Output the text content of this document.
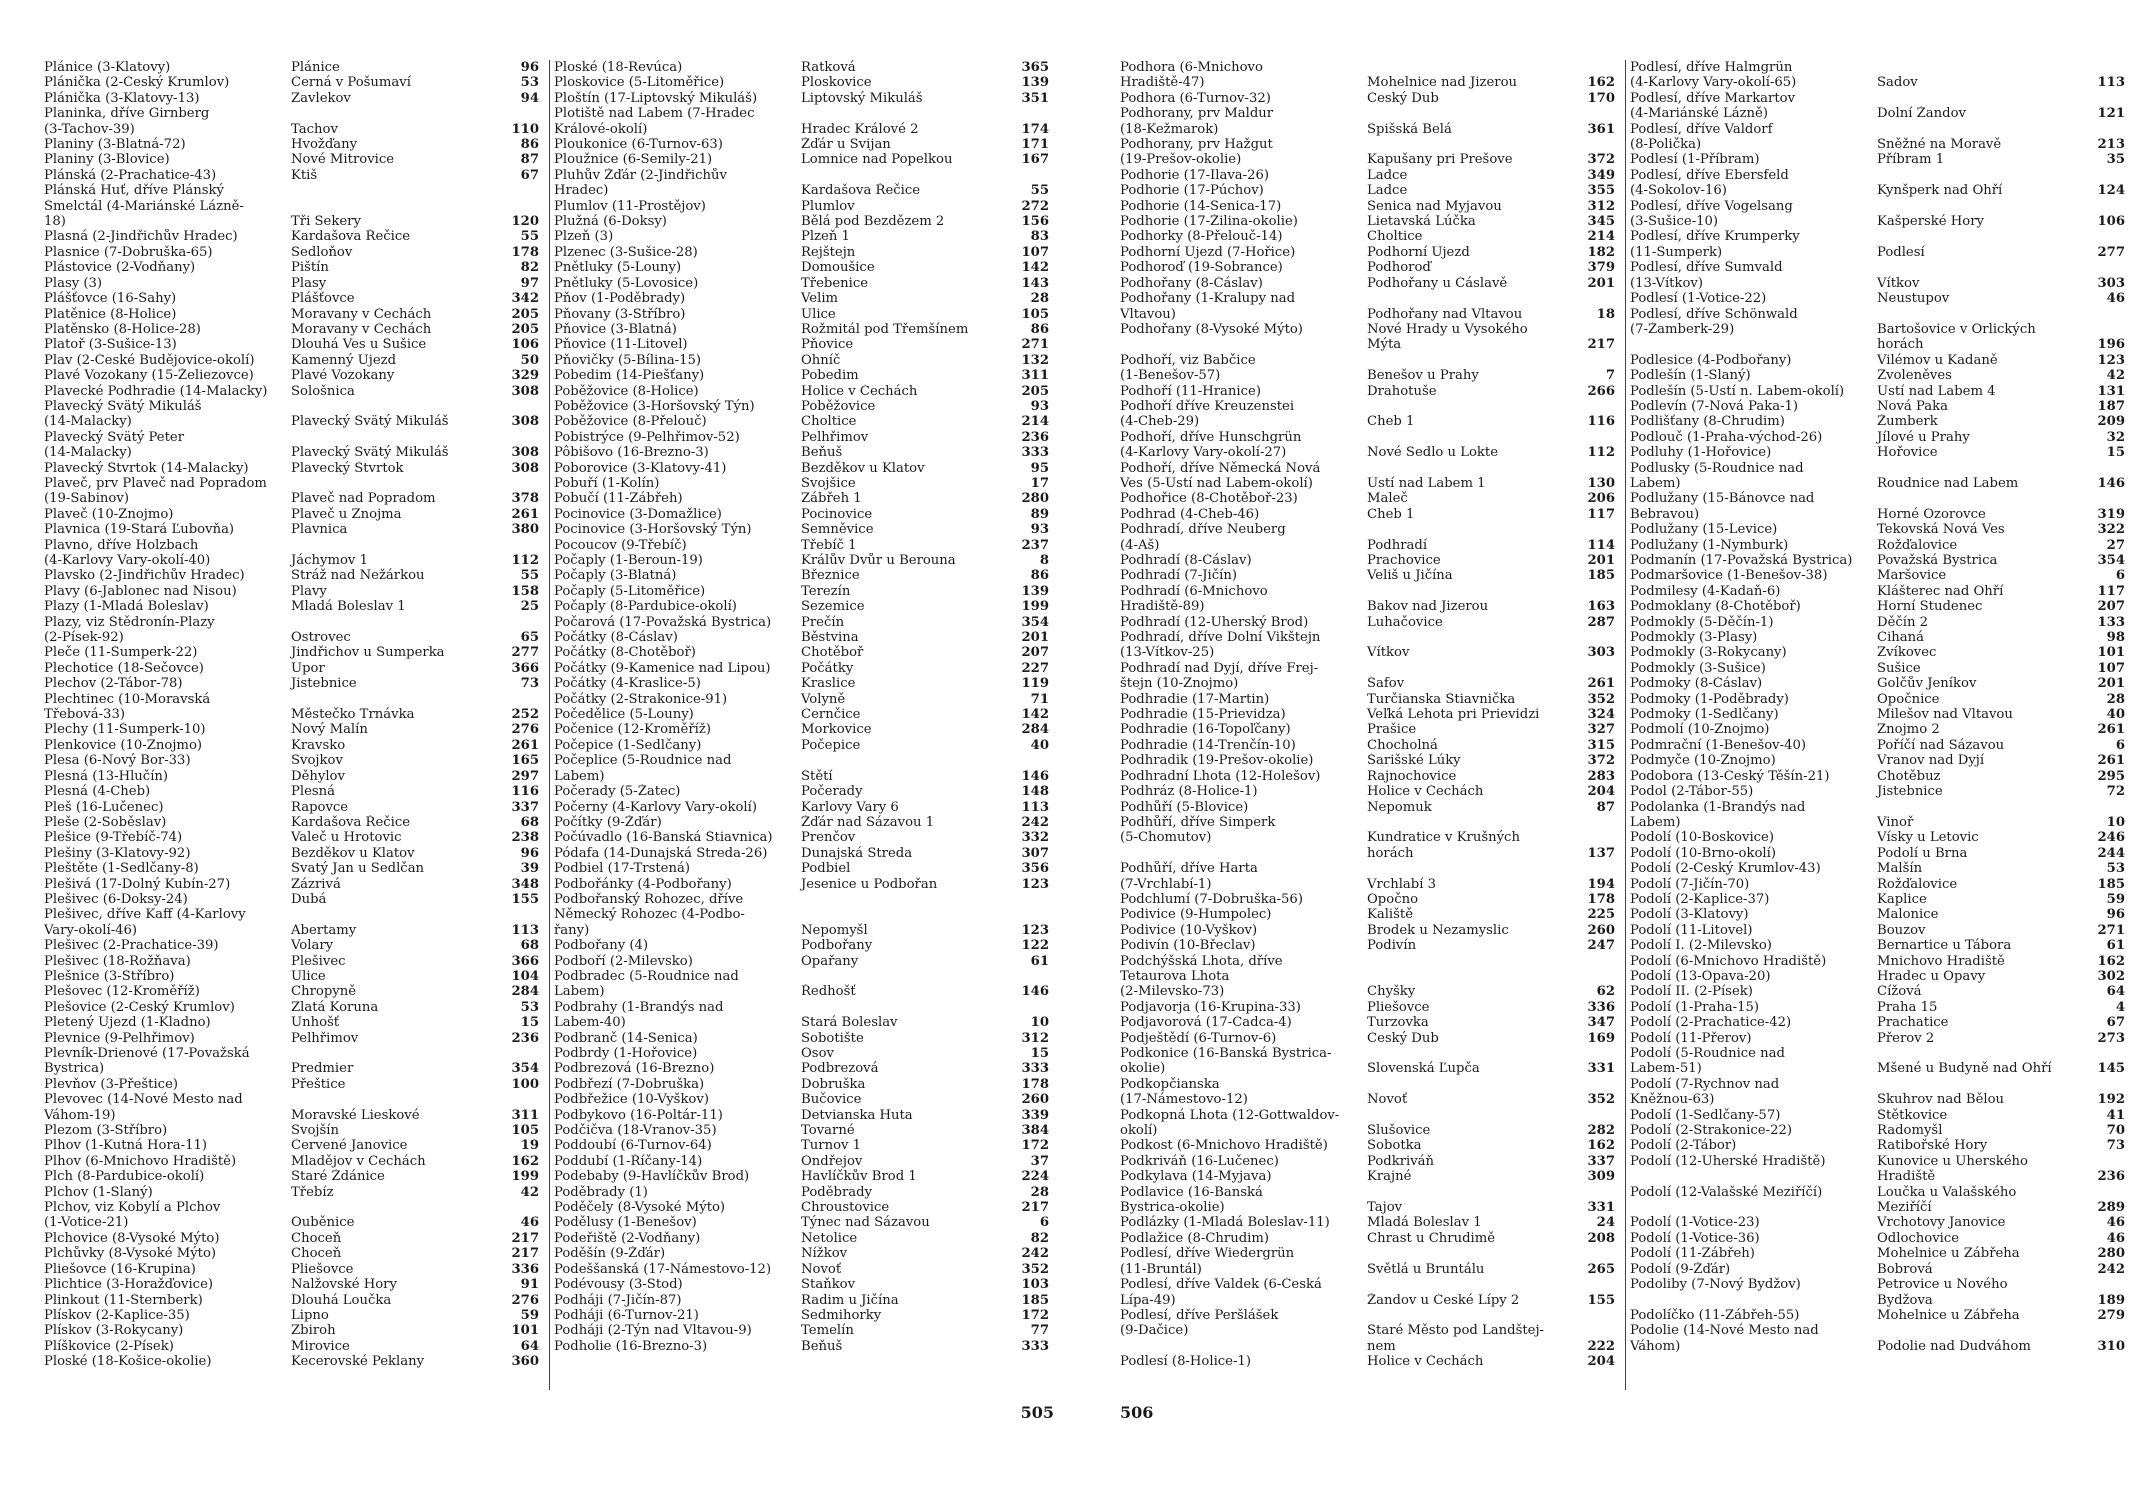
Plánice (3-Klatovy)	Plánice	96
Plánička (2-Český Krumlov)	Černá v Pošumaví	53
Plánička (3-Klatovy-13)	Zavlekov	94
Planinka, dříve Girnberg
(3-Tachov-39)	Tachov	110
Planiny (3-Blatná-72)	Hvožďany	86
Planiny (3-Blovice)	Nové Mitrovice	87
Plánská (2-Prachatice-43)	Ktiš	67
Plánská Huť, dříve Plánský
Šmelctál (4-Mariánské Lázně-
18)	Tři Sekery	120
Plasná (2-Jindřichův Hradec)	Kardašova Řečice	55
Plasnice (7-Dobruška-65)	Sedloňov	178
Plástovice (2-Vodňany)	Pištín	82
Plasy (3)	Plasy	97
Plášťovce (16-Šahy)	Plášťovce	342
Platěnice (8-Holice)	Moravany v Čechách	205
Platěnsko (8-Holice-28)	Moravany v Čechách	205
Platoř (3-Sušice-13)	Dlouhá Ves u Sušice	106
Plav (2-České Budějovice-okolí)	Kamenný Újezd	50
Plavé Vozokany (15-Želiezovce)	Plavé Vozokany	329
Plavecké Podhradie (14-Malacky)	Sološnica	308
Plavecký Svätý Mikuláš
(14-Malacky)	Plavecký Svätý Mikuláš	308
Plavecký Svätý Peter
(14-Malacky)	Plavecký Svätý Mikuláš	308
Plavecký Štvrtok (14-Malacky)	Plavecký Štvrtok	308
Plaveč, prv Plaveč nad Popradom
(19-Sabinov)	Plaveč nad Popradom	378
Plaveč (10-Znojmo)	Plaveč u Znojma	261
Plavnica (19-Stará Ľubovňa)	Plavnica	380
Plavno, dříve Holzbach
(4-Karlovy Vary-okolí-40)	Jáchymov 1	112
Plavsko (2-Jindřichův Hradec)	Stráž nad Nežárkou	55
Plavy (6-Jablonec nad Nisou)	Plavy	158
Plazy (1-Mladá Boleslav)	Mladá Boleslav 1	25
Plazy, viz Štědronín-Plazy
(2-Písek-92)	Ostrovec	65
Pleče (11-Šumperk-22)	Jindřichov u Šumperka	277
Plechotice (18-Sečovce)	Úpor	366
Plechov (2-Tábor-78)	Jistebnice	73
Plechtinec (10-Moravská
Třebová-33)	Městečko Trnávka	252
Plechy (11-Šumperk-10)	Nový Malín	276
Plenkovice (10-Znojmo)	Kravsko	261
Plesa (6-Nový Bor-33)	Svojkov	165
Plesná (13-Hlučín)	Děhylov	297
Plesná (4-Cheb)	Plesná	116
Pleš (16-Lučenec)	Rapovce	337
Pleše (2-Soběslav)	Kardašova Řečice	68
Plešice (9-Třebíč-74)	Valeč u Hrotovic	238
Plešiny (3-Klatovy-92)	Bezděkov u Klatov	96
Pleštěte (1-Sedlčany-8)	Svatý Jan u Sedlčan	39
Plešivá (17-Dolný Kubín-27)	Zázrivá	348
Plešivec (6-Doksy-24)	Dubá	155
Plešivec, dříve Kaff (4-Karlovy
Vary-okolí-46)	Abertamy	113
Plešivec (2-Prachatice-39)	Volary	68
Plešivec (18-Rožňava)	Plešivec	366
Plešnice (3-Stříbro)	Úlice	104
Plešovec (12-Kroměříž)	Chropyně	284
Plešovice (2-Český Krumlov)	Zlatá Koruna	53
Pletený Újezd (1-Kladno)	Unhošť	15
Plevnice (9-Pelhřimov)	Pelhřimov	236
Plevník-Drienové (17-Považská
Bystrica)	Predmier	354
Plevňov (3-Přeštice)	Přeštice	100
Plevovec (14-Nové Mesto nad
Váhom-19)	Moravské Lieskové	311
Plezom (3-Stříbro)	Svojšín	105
Plhov (1-Kutná Hora-11)	Červené Janovice	19
Plhov (6-Mnichovo Hradiště)	Mladějov v Čechách	162
Plch (8-Pardubice-okolí)	Staré Ždánice	199
Plchov (1-Slaný)	Třebíz	42
Plchov, viz Kobylí a Plchov
(1-Votice-21)	Ouběnice	46
Plchovice (8-Vysoké Mýto)	Choceň	217
Plchůvky (8-Vysoké Mýto)	Choceň	217
Pliešovce (16-Krupina)	Pliešovce	336
Plichtice (3-Horažďovice)	Nalžovské Hory	91
Plinkout (11-Šternberk)	Dlouhá Loučka	276
Plískov (2-Kaplice-35)	Lipno	59
Plískov (3-Rokycany)	Zbiroh	101
Plíškovice (2-Písek)	Mirovice	64
Ploské (18-Košice-okolie)	Kecerovské Peklany	360
Ploské (18-Revúca)	Ratková	365
Ploskovice (5-Litoměřice)	Ploskovice	139
Ploštín (17-Liptovský Mikuláš)	Liptovský Mikuláš	351
Plotiště nad Labem (7-Hradec
Králové-okolí)	Hradec Králové 2	174
Ploukonice (6-Turnov-63)	Žďár u Svijan	171
Ploužnice (6-Semily-21)	Lomnice nad Popelkou	167
Pluhův Žďár (2-Jindřichův
Hradec)	Kardašova Řečice	55
Plumlov (11-Prostějov)	Plumlov	272
Plužná (6-Doksy)	Bělá pod Bezdězem 2	156
Plzeň (3)	Plzeň 1	83
Plzenec (3-Sušice-28)	Rejštejn	107
Pnětluky (5-Louny)	Domoušice	142
Pnětluky (5-Lovosice)	Třebenice	143
Pňov (1-Poděbrady)	Velim	28
Pňovany (3-Stříbro)	Úlice	105
Pňovice (3-Blatná)	Rožmitál pod Třemšínem	86
Pňovice (11-Litovel)	Pňovice	271
Pňovičky (5-Bílina-15)	Ohníč	132
Pobedim (14-Piešťany)	Pobedim	311
Poběžovice (8-Holice)	Holice v Čechách	205
Poběžovice (3-Horšovský Týn)	Poběžovice	93
Poběžovice (8-Přelouč)	Choltice	214
Pobistrýce (9-Pelhřimov-52)	Pelhřimov	236
Pôbišovo (16-Brezno-3)	Beňuš	333
Poborovice (3-Klatovy-41)	Bezděkov u Klatov	95
Pobuří (1-Kolín)	Svojšice	17
Pobučí (11-Zábřeh)	Zábřeh 1	280
Pocinovice (3-Domažlice)	Pocinovice	89
Pocinovice (3-Horšovský Týn)	Semněvice	93
Pocoucov (9-Třebíč)	Třebíč 1	237
Počaply (1-Beroun-19)	Králův Dvůr u Berouna	8
Počaply (3-Blatná)	Březnice	86
Počaply (5-Litoměřice)	Terezín	139
Počaply (8-Pardubice-okolí)	Sezemice	199
Počarová (17-Považská Bystrica)	Prečín	354
Počátky (8-Čáslav)	Běstvina	201
Počátky (8-Chotěboř)	Chotěboř	207
Počátky (9-Kamenice nad Lipou)	Počátky	227
Počátky (4-Kraslice-5)	Kraslice	119
Počátky (2-Strakonice-91)	Volyně	71
Počedělice (5-Louny)	Černčice	142
Počenice (12-Kroměříž)	Morkovice	284
Počepice (1-Sedlčany)	Počepice	40
Počeplice (5-Roudnice nad
Labem)	Štětí	146
Počerady (5-Žatec)	Počerady	148
Počerny (4-Karlovy Vary-okolí)	Karlovy Vary 6	113
Počítky (9-Žďár)	Žďár nad Sázavou 1	242
Počúvadlo (16-Banská Štiavnica)	Prenčov	332
Pódafa (14-Dunajská Streda-26)	Dunajská Streda	307
Podbiel (17-Trstená)	Podbiel	356
Podbořánky (4-Podbořany)	Jesenice u Podbořan	123
Podbořanský Rohozec, dříve
Německý Rohozec (4-Podbo-
řany)	Nepomyšl	123
Podbořany (4)	Podbořany	122
Podboří (2-Milevsko)	Opařany	61
Podbradec (5-Roudnice nad
Labem)	Ředhošť	146
Podbrahy (1-Brandýs nad
Labem-40)	Stará Boleslav	10
Podbranč (14-Senica)	Sobotište	312
Podbrdy (1-Hořovice)	Osov	15
Podbrezová (16-Brezno)	Podbrezová	333
Podbřezí (7-Dobruška)	Dobruška	178
Podbřežice (10-Vyškov)	Bučovice	260
Podbykovo (16-Poltár-11)	Detvianska Huta	339
Podčičva (18-Vranov-35)	Tovarné	384
Poddoubí (6-Turnov-64)	Turnov 1	172
Poddubí (1-Říčany-14)	Ondřejov	37
Podebaby (9-Havlíčkův Brod)	Havlíčkův Brod 1	224
Poděbrady (1)	Poděbrady	28
Poděčely (8-Vysoké Mýto)	Chroustovice	217
Podělusy (1-Benešov)	Týnec nad Sázavou	6
Podeřiště (2-Vodňany)	Netolice	82
Poděšín (9-Žďár)	Nížkov	242
Podeššanská (17-Námestovo-12)	Novoť	352
Podévousy (3-Stod)	Staňkov	103
Podháji (7-Jičín-87)	Radim u Jičína	185
Podháji (6-Turnov-21)	Sedmihorky	172
Podháji (2-Týn nad Vltavou-9)	Temelín	77
Podholie (16-Brezno-3)	Beňuš	333
505
Podhora (6-Mnichovo
Hradiště-47)	Mohelnice nad Jizerou	162
Podhora (6-Turnov-32)	Český Dub	170
Podhorany, prv Maldur
(18-Kežmarok)	Spišská Belá	361
Podhorany, prv Hažgut
(19-Prešov-okolie)	Kapušany pri Prešove	372
Podhorie (17-Ilava-26)	Ladce	349
Podhorie (17-Púchov)	Ladce	355
Podhorie (14-Senica-17)	Senica nad Myjavou	312
Podhorie (17-Žilina-okolie)	Lietavská Lúčka	345
Podhorky (8-Přelouč-14)	Choltice	214
Podhorní Újezd (7-Hořice)	Podhorní Újezd	182
Podhoroď (19-Sobrance)	Podhoroď	379
Podhořany (8-Čáslav)	Podhořany u Čáslavě	201
Podhořany (1-Kralupy nad
Vltavou)	Podhořany nad Vltavou	18
Podhořany (8-Vysoké Mýto)	Nové Hrady u Vysokého
Mýta	217
Podhoří, viz Babčice
(1-Benešov-57)	Benešov u Prahy	7
Podhoří (11-Hranice)	Drahotuše	266
Podhoří dříve Kreuzenstei
(4-Cheb-29)	Cheb 1	116
Podhoří, dříve Hunschgrün
(4-Karlovy Vary-okolí-27)	Nové Sedlo u Lokte	112
Podhoří, dříve Německá Nová
Ves (5-Ústí nad Labem-okolí)	Ústí nad Labem 1	130
Podhořice (8-Chotěboř-23)	Maleč	206
Podhrad (4-Cheb-46)	Cheb 1	117
Podhradí, dříve Neuberg
(4-Aš)	Podhradí	114
Podhradí (8-Čáslav)	Prachovice	201
Podhradí (7-Jičín)	Veliš u Jičína	185
Podhradí (6-Mnichovo
Hradiště-89)	Bakov nad Jizerou	163
Podhradí (12-Uherský Brod)	Luhačovice	287
Podhradí, dříve Dolní Vikštejn
(13-Vítkov-25)	Vítkov	303
Podhradí nad Dyjí, dříve Frej-
štejn (10-Znojmo)	Šafov	261
Podhradie (17-Martin)	Turčianska Štiavnička	352
Podhradie (15-Prievidza)	Veľká Lehota pri Prievidzi	324
Podhradie (16-Topoľčany)	Prašice	327
Podhradie (14-Trenčín-10)	Chocholná	315
Podhradik (19-Prešov-okolie)	Šarišské Lúky	372
Podhradní Lhota (12-Holešov)	Rajnochovice	283
Podhráz (8-Holice-1)	Holice v Čechách	204
Podhůří (5-Blovice)	Nepomuk	87
Podhůří, dříve Šimperk
(5-Chomutov)	Kundratice v Krušných
horách	137
Podhůří, dříve Harta
(7-Vrchlabí-1)	Vrchlabí 3	194
Podchlumí (7-Dobruška-56)	Opočno	178
Podivice (9-Humpolec)	Kaliště	225
Podivice (10-Vyškov)	Brodek u Nezamyslic	260
Podivín (10-Břeclav)	Podivín	247
Podchýšská Lhota, dříve
Tetaurova Lhota
(2-Milevsko-73)	Chyšky	62
Podjavorja (16-Krupina-33)	Pliešovce	336
Podjavorová (17-Čadca-4)	Turzovka	347
Podještědí (6-Turnov-6)	Český Dub	169
Podkonice (16-Banská Bystrica-
okolie)	Slovenská Ľupča	331
Podkopčianska
(17-Námestovo-12)	Novoť	352
Podkopná Lhota (12-Gottwaldov-
okolí)	Slušovice	282
Podkost (6-Mnichovo Hradiště)	Sobotka	162
Podkriváň (16-Lučenec)	Podkriváň	337
Podkylava (14-Myjava)	Krajné	309
Podlavice (16-Banská
Bystrica-okolie)	Tajov	331
Podlázky (1-Mladá Boleslav-11)	Mladá Boleslav 1	24
Podlažice (8-Chrudim)	Chrast u Chrudimě	208
Podlesí, dříve Wiedergrün
(11-Bruntál)	Světlá u Bruntálu	265
Podlesí, dříve Valdek (6-Česká
Lípa-49)	Žandov u České Lípy 2	155
Podlesí, dříve Peršlášek
(9-Dačice)	Staré Město pod Landštej-
nem	222
Podlesí (8-Holice-1)	Holice v Čechách	204
Podlesí, dříve Halmgrün
(4-Karlovy Vary-okolí-65)	Sadov	113
Podlesí, dříve Markartov
(4-Mariánské Lázně)	Dolní Žandov	121
Podlesí, dříve Valdorf
(8-Polička)	Sněžné na Moravě	213
Podlesí (1-Příbram)	Příbram 1	35
Podlesí, dříve Ebersfeld
(4-Sokolov-16)	Kynšperk nad Ohří	124
Podlesí, dříve Vogelsang
(3-Sušice-10)	Kašperské Hory	106
Podlesí, dříve Krumperky
(11-Šumperk)	Podlesí	277
Podlesí, dříve Šumvald
(13-Vítkov)	Vítkov	303
Podlesí (1-Votice-22)	Neustupov	46
Podlesí, dříve Schönwald
(7-Žamberk-29)	Bartošovice v Orlických
horách	196
Podlesice (4-Podbořany)	Vilémov u Kadaně	123
Podlešín (1-Slaný)	Zvoleněves	42
Podlešín (5-Ústí n. Labem-okolí)	Ústí nad Labem 4	131
Podlevín (7-Nová Paka-1)	Nová Paka	187
Podlišťany (8-Chrudim)	Žumberk	209
Podlouč (1-Praha-východ-26)	Jílové u Prahy	32
Podluhy (1-Hořovice)	Hořovice	15
Podlusky (5-Roudnice nad
Labem)	Roudnice nad Labem	146
Podlužany (15-Bánovce nad
Bebravou)	Horné Ozorovce	319
Podlužany (15-Levice)	Tekovská Nová Ves	322
Podlužany (1-Nymburk)	Rožďalovice	27
Podmanín (17-Považská Bystrica)	Považská Bystrica	354
Podmaršovice (1-Benešov-38)	Maršovice	6
Podmilesy (4-Kadaň-6)	Klášterec nad Ohří	117
Podmoklany (8-Chotěboř)	Horní Studenec	207
Podmokly (5-Děčín-1)	Děčín 2	133
Podmokly (3-Plasy)	Čihaná	98
Podmokly (3-Rokycany)	Zvíkovec	101
Podmokly (3-Sušice)	Sušice	107
Podmoky (8-Čáslav)	Golčův Jeníkov	201
Podmoky (1-Poděbrady)	Opočnice	28
Podmoky (1-Sedlčany)	Milešov nad Vltavou	40
Podmolí (10-Znojmo)	Znojmo 2	261
Podmrační (1-Benešov-40)	Poříčí nad Sázavou	6
Podmyče (10-Znojmo)	Vranov nad Dyjí	261
Podobora (13-Český Těšín-21)	Chotěbuz	295
Podol (2-Tábor-55)	Jistebnice	72
Podolanka (1-Brandýs nad
Labem)	Vinoř	10
Podolí (10-Boskovice)	Vísky u Letovic	246
Podolí (10-Brno-okolí)	Podolí u Brna	244
Podolí (2-Český Krumlov-43)	Malšín	53
Podolí (7-Jičín-70)	Rožďalovice	185
Podolí (2-Kaplice-37)	Kaplice	59
Podolí (3-Klatovy)	Malonice	96
Podolí (11-Litovel)	Bouzov	271
Podolí I. (2-Milevsko)	Bernartice u Tábora	61
Podolí (6-Mnichovo Hradiště)	Mnichovo Hradiště	162
Podolí (13-Opava-20)	Hradec u Opavy	302
Podolí II. (2-Písek)	Čížová	64
Podolí (1-Praha-15)	Praha 15	4
Podolí (2-Prachatice-42)	Prachatice	67
Podolí (11-Přerov)	Přerov 2	273
Podolí (5-Roudnice nad
Labem-51)	Mšené u Budyně nad Ohří	145
Podolí (7-Rychnov nad
Kněžnou-63)	Skuhrov nad Bělou	192
Podolí (1-Sedlčany-57)	Štětkovice	41
Podolí (2-Strakonice-22)	Radomyšl	70
Podolí (2-Tábor)	Ratibořské Hory	73
Podolí (12-Uherské Hradiště)	Kunovice u Uherského
Hradiště	236
Podolí (12-Valašské Meziříčí)	Loučka u Valašského
Meziříčí	289
Podolí (1-Votice-23)	Vrchotovy Janovice	46
Podolí (1-Votice-36)	Odlochovice	46
Podolí (11-Zábřeh)	Mohelnice u Zábřeha	280
Podolí (9-Žďár)	Bobrová	242
Podoliby (7-Nový Bydžov)	Petrovice u Nového
Bydžova	189
Podolíčko (11-Zábřeh-55)	Mohelnice u Zábřeha	279
Podolie (14-Nové Mesto nad
Váhom)	Podolie nad Dudváhom	310
506
